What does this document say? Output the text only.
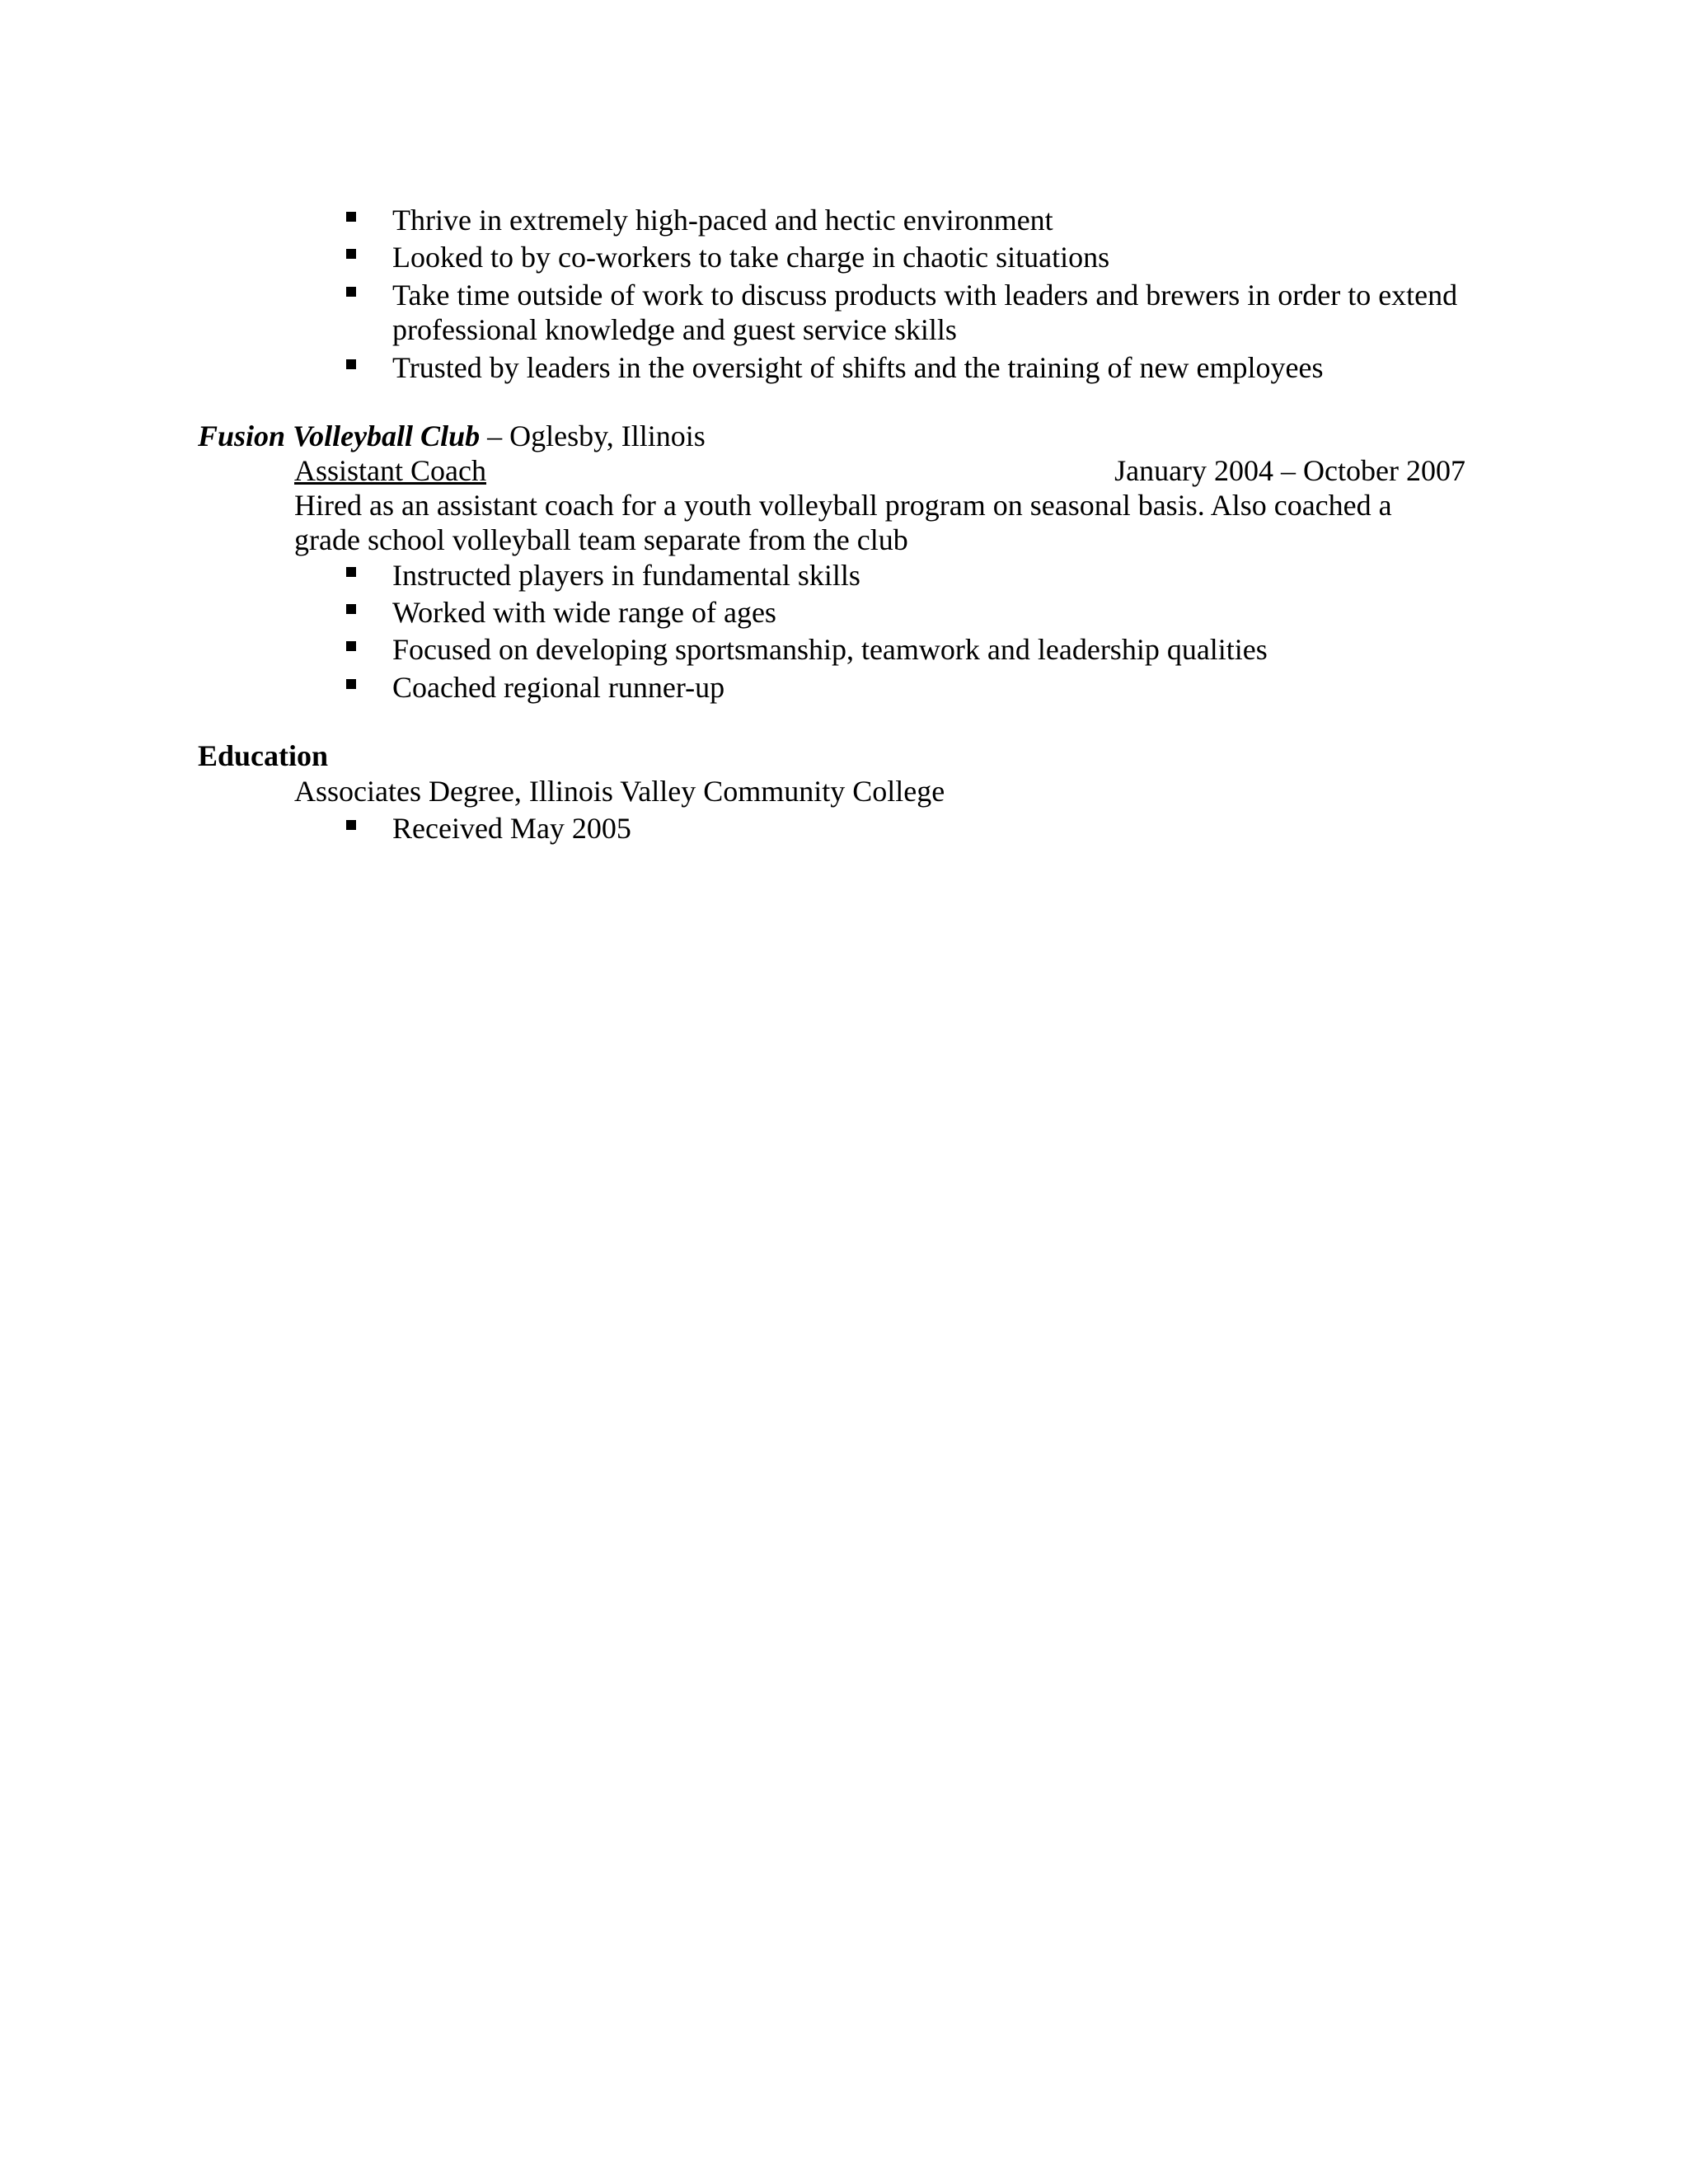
Thrive in extremely high-paced and hectic environment
Looked to by co-workers to take charge in chaotic situations
Take time outside of work to discuss products with leaders and brewers in order to extend
professional knowledge and guest service skills
Trusted by leaders in the oversight of shifts and the training of new employees
Fusion Volleyball Club – Oglesby, Illinois
Assistant Coach	January 2004 – October 2007
Hired as an assistant coach for a youth volleyball program on seasonal basis. Also coached a
grade school volleyball team separate from the club
Instructed players in fundamental skills
Worked with wide range of ages
Focused on developing sportsmanship, teamwork and leadership qualities
Coached regional runner-up
Education
Associates Degree, Illinois Valley Community College
Received May 2005
